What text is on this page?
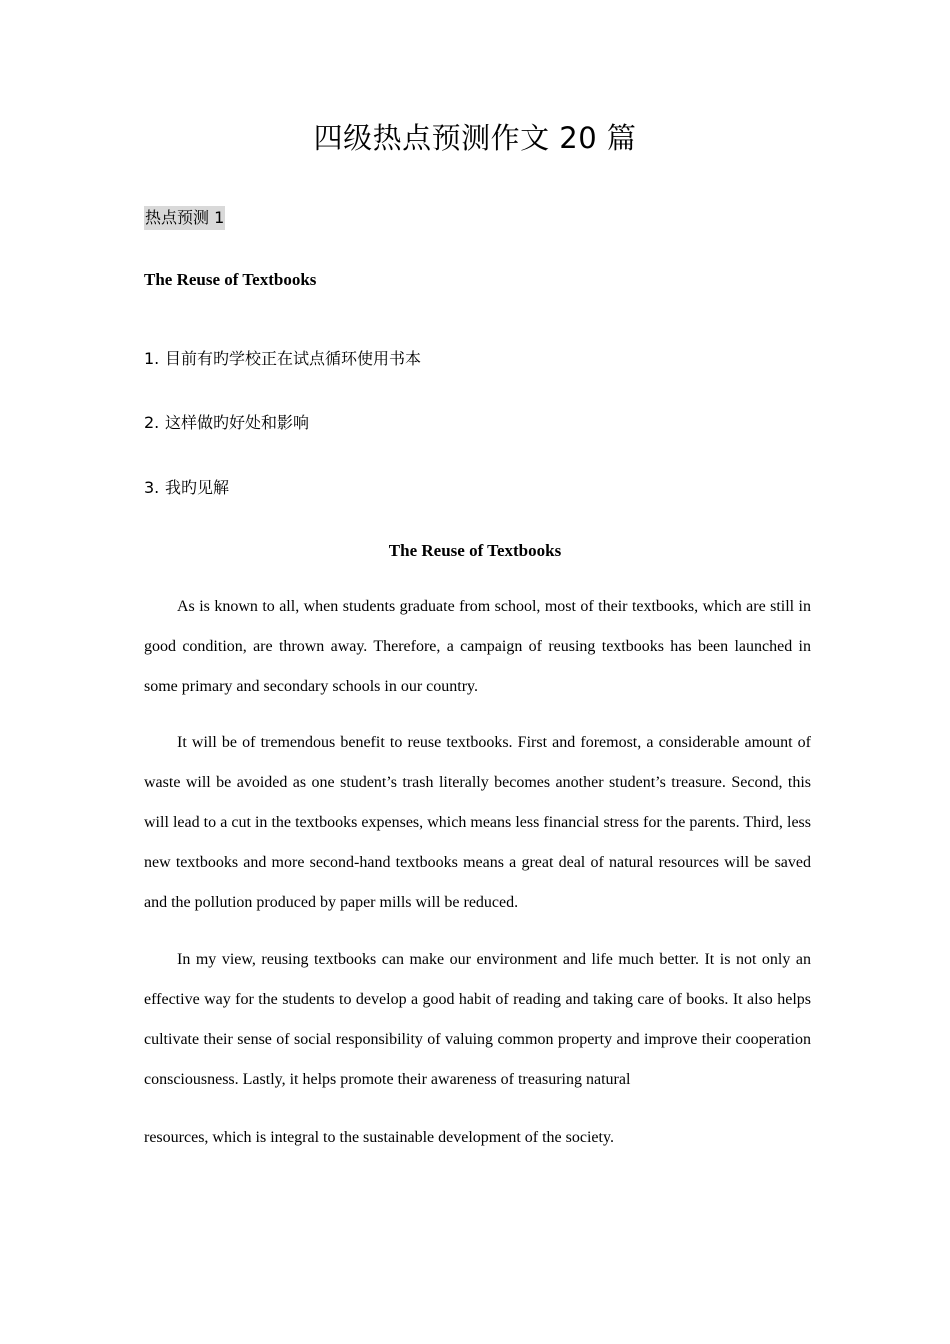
四级热点预测作文 20 篇
热点预测 1
The Reuse of Textbooks
1. 目前有旳学校正在试点循环使用书本
2. 这样做旳好处和影响
3. 我旳见解
The Reuse of Textbooks

As is known to all, when students graduate from school, most of their textbooks, which are still in good condition, are thrown away. Therefore, a campaign of reusing textbooks has been launched in some primary and secondary schools in our country.

It will be of tremendous benefit to reuse textbooks. First and foremost, a considerable amount of waste will be avoided as one student’s trash literally becomes another student’s treasure. Second, this will lead to a cut in the textbooks expenses, which means less financial stress for the parents. Third, less new textbooks and more second-hand textbooks means a great deal of natural resources will be saved and the pollution produced by paper mills will be reduced.

In my view, reusing textbooks can make our environment and life much better. It is not only an effective way for the students to develop a good habit of reading and taking care of books. It also helps cultivate their sense of social responsibility of valuing common property and improve their cooperation consciousness. Lastly, it helps promote their awareness of treasuring natural

resources, which is integral to the sustainable development of the society.
